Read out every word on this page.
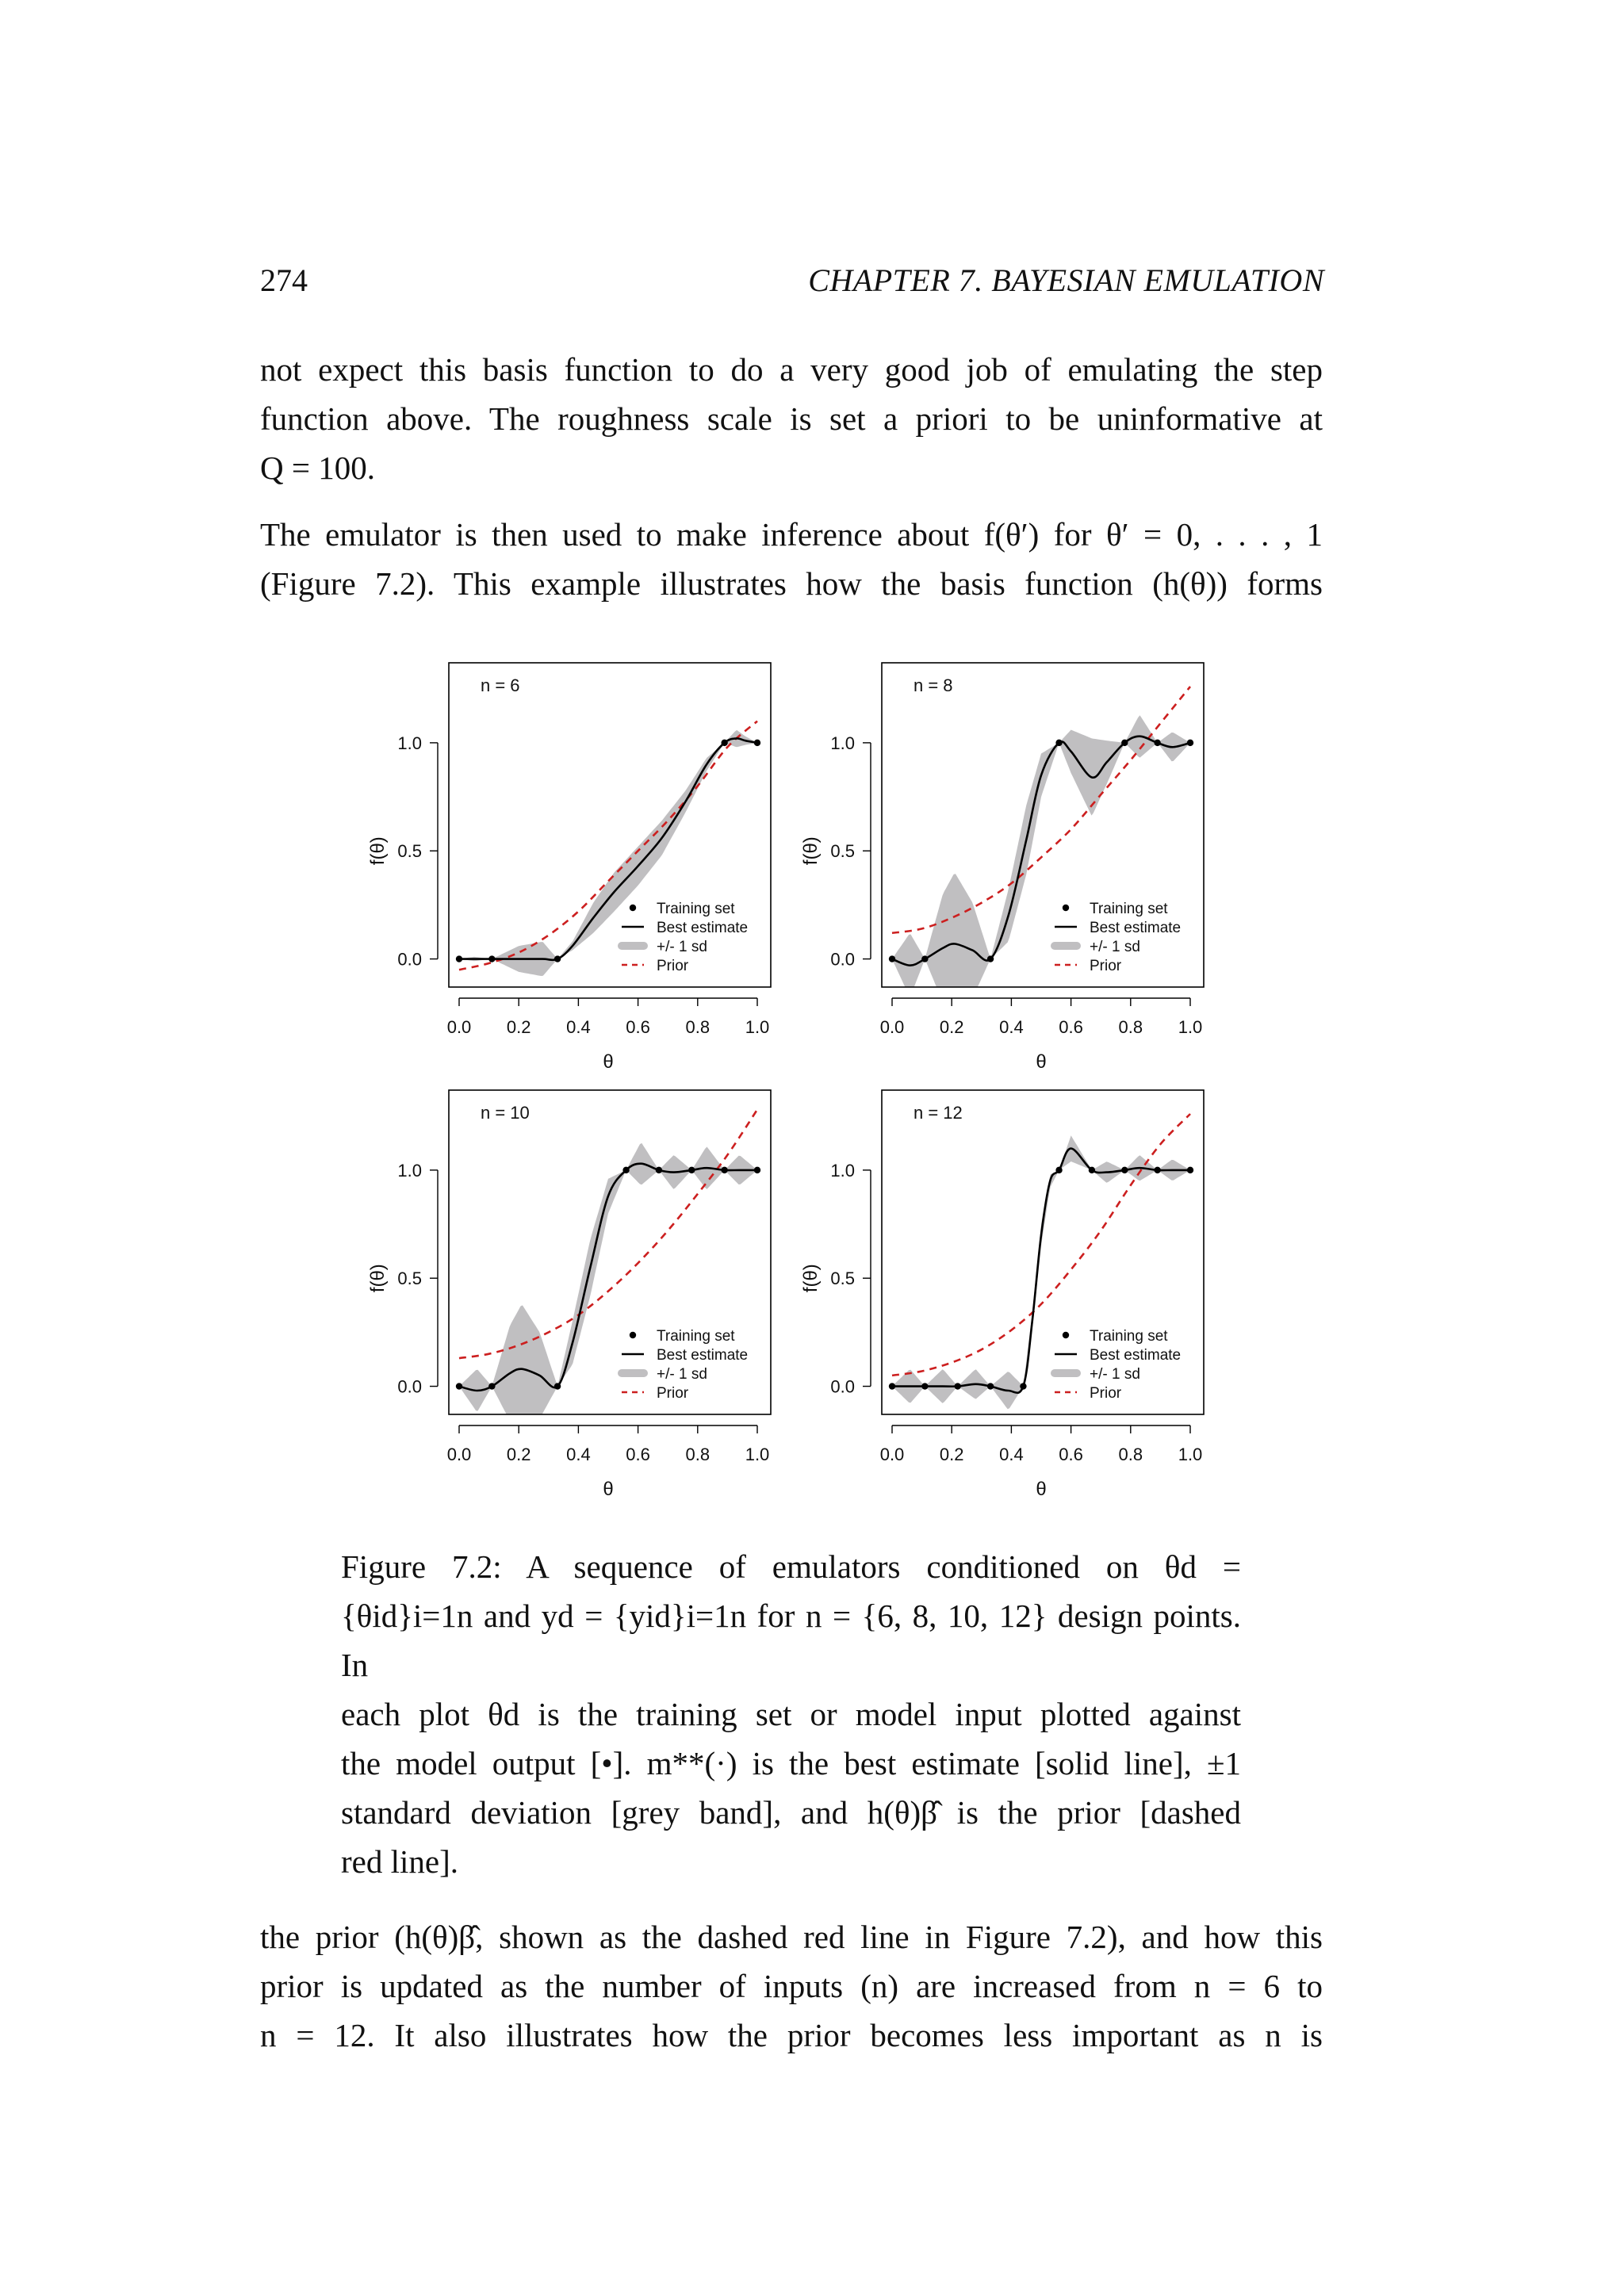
274	CHAPTER 7. BAYESIAN EMULATION
not expect this basis function to do a very good job of emulating the step
function above. The roughness scale is set a priori to be uninformative at
Q = 100.
The emulator is then used to make inference about f(θ′) for θ′ = 0, . . . , 1
(Figure 7.2). This example illustrates how the basis function (h(θ)) forms
n = 6
0.0 0.2 0.4 0.6 0.8 1.0
θ
0.0
0.5
1.0
f(θ)
Training set
Best estimate
+/- 1 sd
Prior
n = 8
0.0 0.2 0.4 0.6 0.8 1.0
θ
0.0
0.5
1.0
f(θ)
Training set
Best estimate
+/- 1 sd
Prior
n = 10
0.0 0.2 0.4 0.6 0.8 1.0
θ
0.0
0.5
1.0
f(θ)
Training set
Best estimate
+/- 1 sd
Prior
n = 12
0.0 0.2 0.4 0.6 0.8 1.0
θ
0.0
0.5
1.0
f(θ)
Training set
Best estimate
+/- 1 sd
Prior
Figure 7.2: A sequence of emulators conditioned on θd =
{θid}i=1n and yd = {yid}i=1n for n = {6, 8, 10, 12} design points. In
each plot θd is the training set or model input plotted against
the model output [•]. m**(·) is the best estimate [solid line], ±1
standard deviation [grey band], and h(θ)β̂ is the prior [dashed
red line].
the prior (h(θ)β̂, shown as the dashed red line in Figure 7.2), and how this
prior is updated as the number of inputs (n) are increased from n = 6 to
n = 12. It also illustrates how the prior becomes less important as n is
